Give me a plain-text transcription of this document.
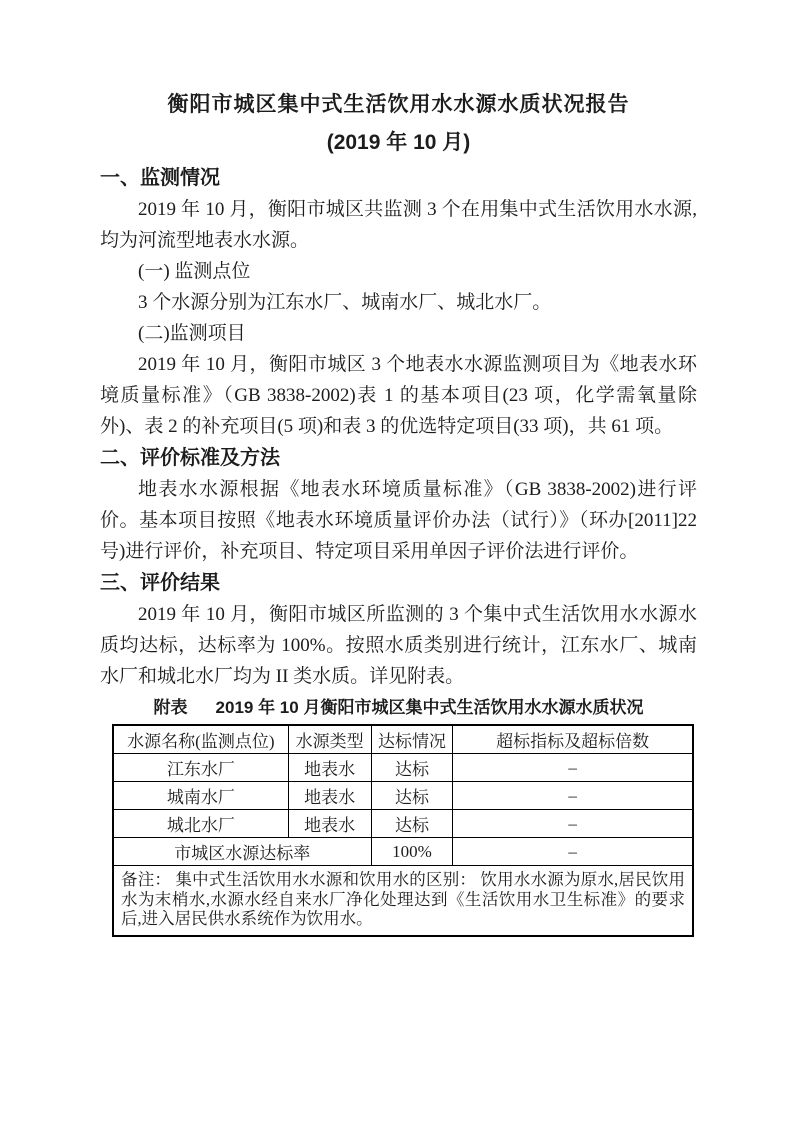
衡阳市城区集中式生活饮用水水源水质状况报告
(2019 年 10 月)
一、监测情况

2019 年 10 月，衡阳市城区共监测 3 个在用集中式生活饮用水水源,均为河流型地表水水源。

(一) 监测点位

3 个水源分别为江东水厂、城南水厂、城北水厂。

(二)监测项目

2019 年 10 月，衡阳市城区 3 个地表水水源监测项目为《地表水环境质量标准》（GB 3838-2002)表 1 的基本项目(23 项，化学需氧量除外)、表 2 的补充项目(5 项)和表 3 的优选特定项目(33 项)，共 61 项。

二、评价标准及方法

地表水水源根据《地表水环境质量标准》（GB 3838-2002)进行评价。基本项目按照《地表水环境质量评价办法（试行）》（环办[2011]22 号)进行评价，补充项目、特定项目采用单因子评价法进行评价。

三、评价结果

2019 年 10 月，衡阳市城区所监测的 3 个集中式生活饮用水水源水质均达标，达标率为 100%。按照水质类别进行统计，江东水厂、城南水厂和城北水厂均为 II 类水质。详见附表。

附表 2019 年 10 月衡阳市城区集中式生活饮用水水源水质状况
水源名称(监测点位)	水源类型	达标情况	超标指标及超标倍数
江东水厂	地表水	达标	–
城南水厂	地表水	达标	–
城北水厂	地表水	达标	–
市城区水源达标率		100%	–
备注： 集中式生活饮用水水源和饮用水的区别： 饮用水水源为原水,居民饮用水为末梢水,水源水经自来水厂净化处理达到《生活饮用水卫生标准》的要求后,进入居民供水系统作为饮用水。			
